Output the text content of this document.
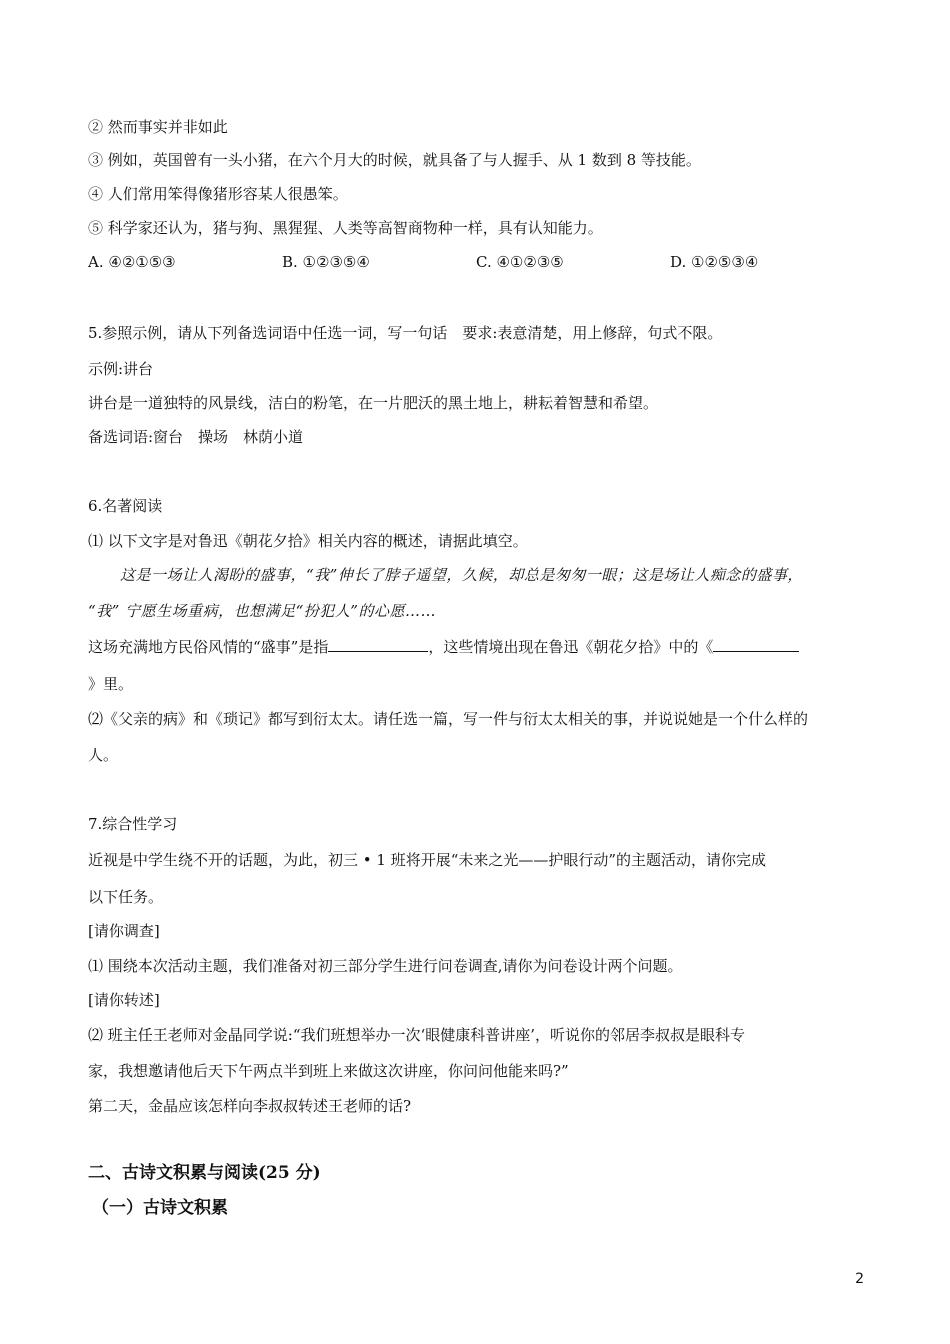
② 然而事实并非如此
③ 例如，英国曾有一头小猪，在六个月大的时候，就具备了与人握手、从 1 数到 8 等技能。
④ 人们常用笨得像猪形容某人很愚笨。
⑤ 科学家还认为，猪与狗、黑猩猩、人类等高智商物种一样，具有认知能力。
A. ④②①⑤③	B. ①②③⑤④	C. ④①②③⑤	D. ①②⑤③④
5.参照示例，请从下列备选词语中任选一词，写一句话　要求:表意清楚，用上修辞，句式不限。
示例:讲台
讲台是一道独特的风景线，洁白的粉笔，在一片肥沃的黑土地上，耕耘着智慧和希望。
备选词语:窗台　操场　林荫小道
6.名著阅读
⑴ 以下文字是对鲁迅《朝花夕拾》相关内容的概述，请据此填空。
这是一场让人渴盼的盛事，“我”伸长了脖子遥望，久候，却总是匆匆一眼；这是场让人痴念的盛事，
“我” 宁愿生场重病，也想满足“扮犯人”的心愿……
这场充满地方民俗风情的“盛事”是指	，这些情境出现在鲁迅《朝花夕拾》中的《
》里。
⑵《父亲的病》和《琐记》都写到衍太太。请任选一篇，写一件与衍太太相关的事，并说说她是一个什么样的
人。
7.综合性学习
近视是中学生绕不开的话题，为此，初三 • 1 班将开展“未来之光——护眼行动”的主题活动，请你完成
以下任务。
[请你调查]
⑴ 围绕本次活动主题，我们准备对初三部分学生进行问卷调查,请你为问卷设计两个问题。
[请你转述]
⑵ 班主任王老师对金晶同学说:“我们班想举办一次‘眼健康科普讲座’，听说你的邻居李叔叔是眼科专
家，我想邀请他后天下午两点半到班上来做这次讲座，你问问他能来吗?”
第二天，金晶应该怎样向李叔叔转述王老师的话?
二、古诗文积累与阅读(25 分)
（一）古诗文积累
2
